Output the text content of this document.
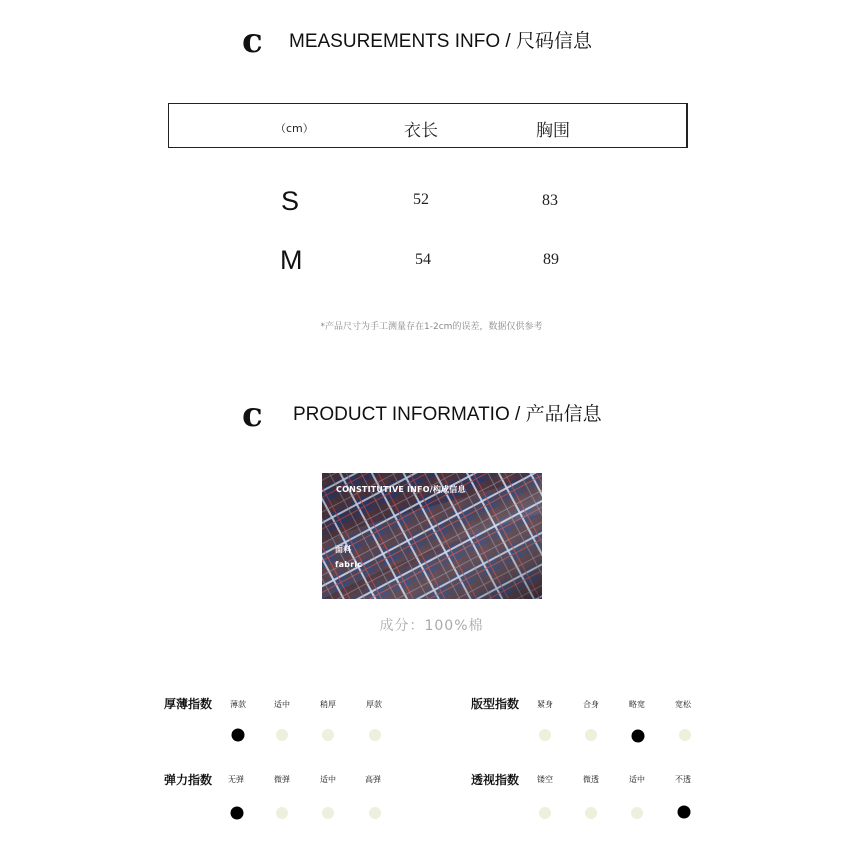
c MEASUREMENTS INFO / 尺码信息
（cm）	衣长	胸围
S	52	83
M	54	89
*产品尺寸为手工测量存在1-2cm的误差，数据仅供参考
c PRODUCT INFORMATIO / 产品信息
CONSTITUTIVE INFO/构成信息
面料
fabric
成分：100%棉
厚薄指数 薄款	适中	稍厚	厚款	版型指数 紧身	合身	略宽	宽松
弹力指数 无弹	微弹	适中	高弹	透视指数 镂空	微透	适中	不透
